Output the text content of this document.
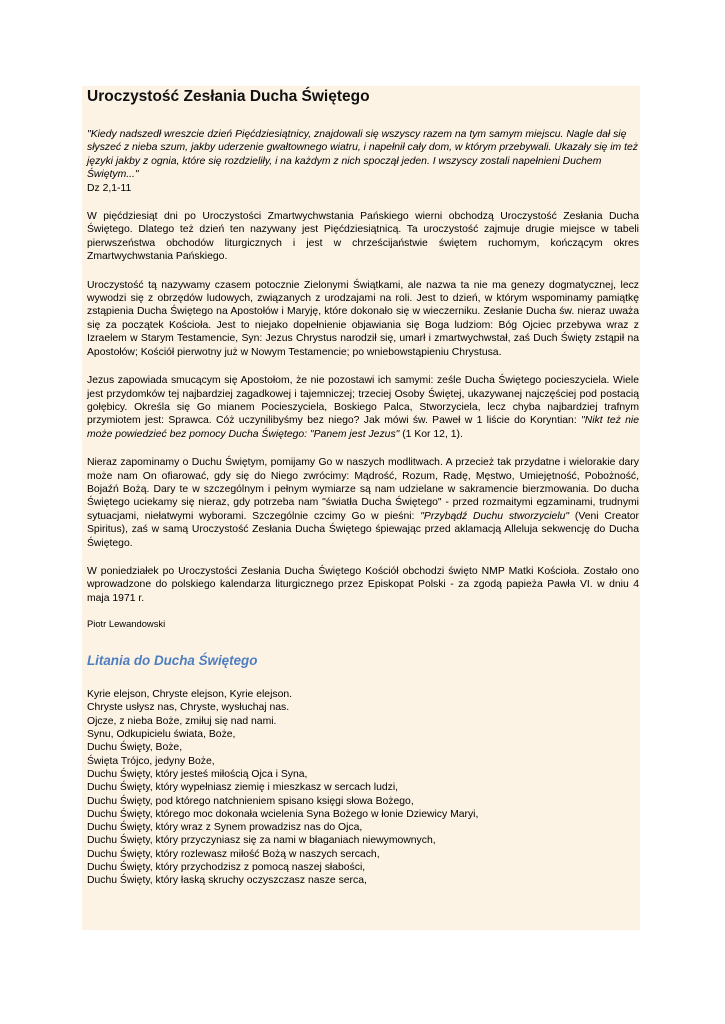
Uroczystość Zesłania Ducha Świętego

"Kiedy nadszedł wreszcie dzień Pięćdziesiątnicy, znajdowali się wszyscy razem na tym samym miejscu. Nagle dał się słyszeć z nieba szum, jakby uderzenie gwałtownego wiatru, i napełnił cały dom, w którym przebywali. Ukazały się im też języki jakby z ognia, które się rozdzieliły, i na każdym z nich spoczął jeden. I wszyscy zostali napełnieni Duchem Świętym..."

Dz 2,1-11

W pięćdziesiąt dni po Uroczystości Zmartwychwstania Pańskiego wierni obchodzą Uroczystość Zesłania Ducha Świętego. Dlatego też dzień ten nazywany jest Pięćdziesiątnicą. Ta uroczystość zajmuje drugie miejsce w tabeli pierwszeństwa obchodów liturgicznych i jest w chrześcijaństwie świętem ruchomym, kończącym okres Zmartwychwstania Pańskiego.

Uroczystość tą nazywamy czasem potocznie Zielonymi Świątkami, ale nazwa ta nie ma genezy dogmatycznej, lecz wywodzi się z obrzędów ludowych, związanych z urodzajami na roli. Jest to dzień, w którym wspominamy pamiątkę zstąpienia Ducha Świętego na Apostołów i Maryję, które dokonało się w wieczerniku. Zesłanie Ducha św. nieraz uważa się za początek Kościoła. Jest to niejako dopełnienie objawiania się Boga ludziom: Bóg Ojciec przebywa wraz z Izraelem w Starym Testamencie, Syn: Jezus Chrystus narodził się, umarł i zmartwychwstał, zaś Duch Święty zstąpił na Apostołów; Kościół pierwotny już w Nowym Testamencie; po wniebowstąpieniu Chrystusa.

Jezus zapowiada smucącym się Apostołom, że nie pozostawi ich samymi: ześle Ducha Świętego pocieszyciela. Wiele jest przydomków tej najbardziej zagadkowej i tajemniczej; trzeciej Osoby Świętej, ukazywanej najczęściej pod postacią gołębicy. Określa się Go mianem Pocieszyciela, Boskiego Palca, Stworzyciela, lecz chyba najbardziej trafnym przymiotem jest: Sprawca. Cóż uczynilibyśmy bez niego? Jak mówi św. Paweł w 1 liście do Koryntian: "Nikt też nie może powiedzieć bez pomocy Ducha Świętego: "Panem jest Jezus" (1 Kor 12, 1).

Nieraz zapominamy o Duchu Świętym, pomijamy Go w naszych modlitwach. A przecież tak przydatne i wielorakie dary może nam On ofiarować, gdy się do Niego zwrócimy: Mądrość, Rozum, Radę, Męstwo, Umiejętność, Pobożność, Bojaźń Bożą. Dary te w szczególnym i pełnym wymiarze są nam udzielane w sakramencie bierzmowania. Do ducha Świętego uciekamy się nieraz, gdy potrzeba nam "światła Ducha Świętego" - przed rozmaitymi egzaminami, trudnymi sytuacjami, niełatwymi wyborami. Szczególnie czcimy Go w pieśni: "Przybądź Duchu stworzycielu" (Veni Creator Spiritus), zaś w samą Uroczystość Zesłania Ducha Świętego śpiewając przed aklamacją Alleluja sekwencję do Ducha Świętego.

W poniedziałek po Uroczystości Zesłania Ducha Świętego Kościół obchodzi święto NMP Matki Kościoła. Zostało ono wprowadzone do polskiego kalendarza liturgicznego przez Episkopat Polski - za zgodą papieża Pawła VI. w dniu 4 maja 1971 r.

Piotr Lewandowski

Litania do Ducha Świętego
Kyrie elejson, Chryste elejson, Kyrie elejson.
Chryste usłysz nas, Chryste, wysłuchaj nas.
Ojcze, z nieba Boże, zmiłuj się nad nami.
Synu, Odkupicielu świata, Boże,
Duchu Święty, Boże,
Święta Trójco, jedyny Boże,
Duchu Święty, który jesteś miłością Ojca i Syna,
Duchu Święty, który wypełniasz ziemię i mieszkasz w sercach ludzi,
Duchu Święty, pod którego natchnieniem spisano księgi słowa Bożego,
Duchu Święty, którego moc dokonała wcielenia Syna Bożego w łonie Dziewicy Maryi,
Duchu Święty, który wraz z Synem prowadzisz nas do Ojca,
Duchu Święty, który przyczyniasz się za nami w błaganiach niewymownych,
Duchu Święty, który rozlewasz miłość Bożą w naszych sercach,
Duchu Święty, który przychodzisz z pomocą naszej słabości,
Duchu Święty, który łaską skruchy oczyszczasz nasze serca,
